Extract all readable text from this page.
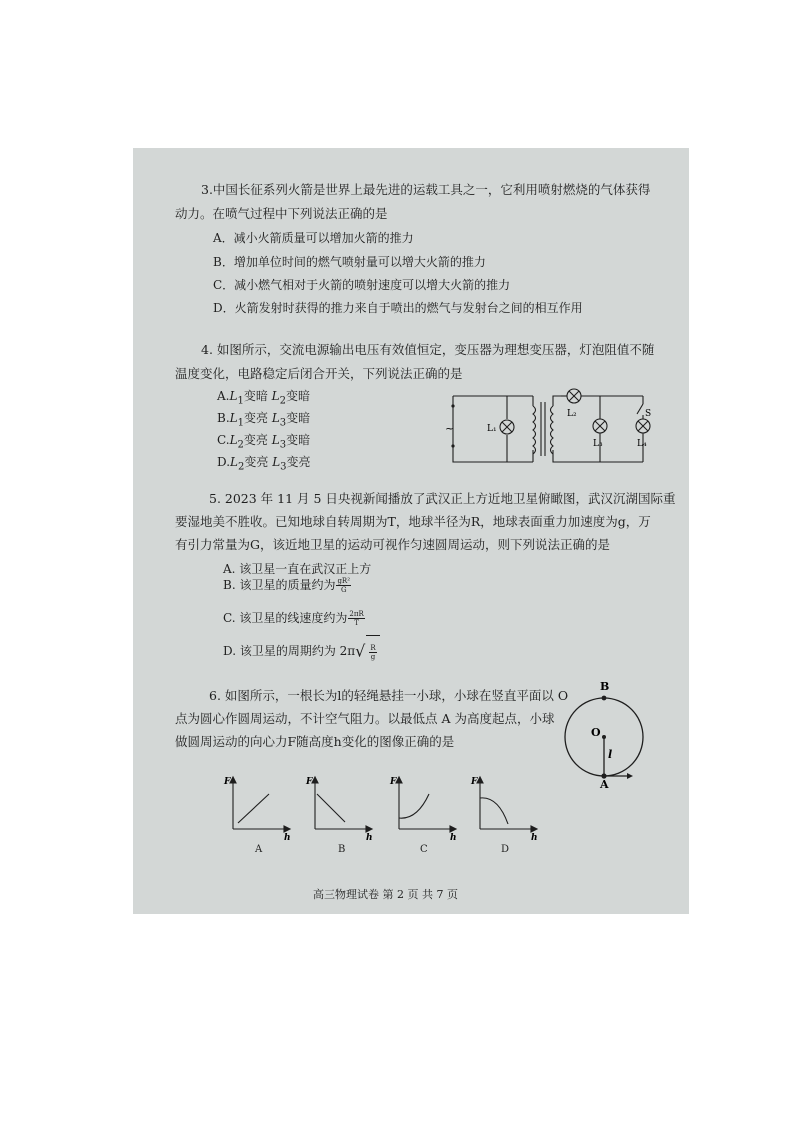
3.中国长征系列火箭是世界上最先进的运载工具之一，它利用喷射燃烧的气体获得
动力。在喷气过程中下列说法正确的是
A．减小火箭质量可以增加火箭的推力
B．增加单位时间的燃气喷射量可以增大火箭的推力
C．减小燃气相对于火箭的喷射速度可以增大火箭的推力
D．火箭发射时获得的推力来自于喷出的燃气与发射台之间的相互作用
4. 如图所示，交流电源输出电压有效值恒定，变压器为理想变压器，灯泡阻值不随
温度变化，电路稳定后闭合开关，下列说法正确的是
$A.L_1$变暗 $L_2$变暗
$B.L_1$变亮 $L_3$变暗
$C.L_2$变亮 $L_3$变暗
$D.L_2$变亮 $L_3$变亮
~	L₁
L₂
L₃	L₄
S
5. 2023 年 11 月 5 日央视新闻播放了武汉正上方近地卫星俯瞰图，武汉沉湖国际重
要湿地美不胜收。已知地球自转周期为T，地球半径为R，地球表面重力加速度为g，万
有引力常量为G，该近地卫星的运动可视作匀速圆周运动，则下列说法正确的是
A. 该卫星一直在武汉正上方
B. 该卫星的质量约为 $\frac{\text{gR²}}{G}$
C. 该卫星的线速度约为 $\frac{2\pi R}{T}$
D. 该卫星的周期约为 $2\pi√ \frac{R}{g}$
6. 如图所示，一根长为l的轻绳悬挂一小球，小球在竖直平面以 O
点为圆心作圆周运动，不计空气阻力。以最低点 A 为高度起点，小球
做圆周运动的向心力F随高度h变化的图像正确的是
B
O
l
A
F
h
A
F
h
B
F
h
C
F
h
D
高三物理试卷 第 2 页 共 7 页
